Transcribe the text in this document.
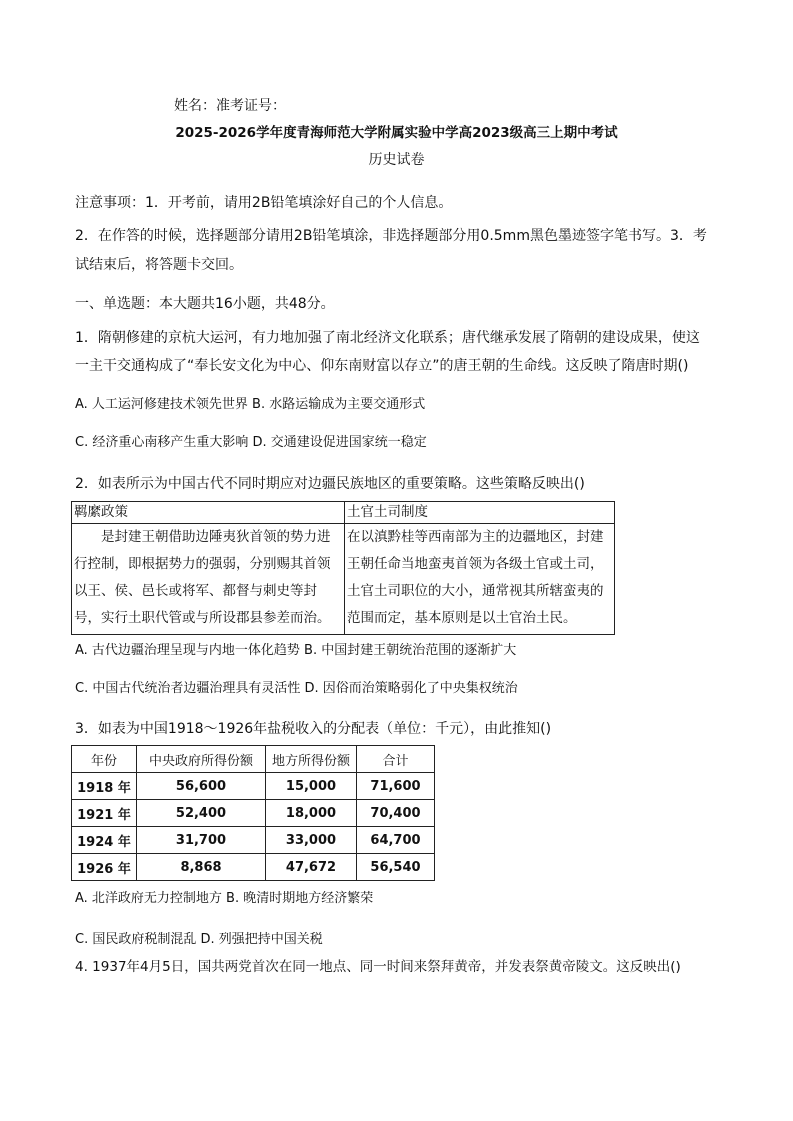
姓名：准考证号：
2025-2026学年度青海师范大学附属实验中学高2023级高三上期中考试
历史试卷
注意事项：1．开考前，请用2B铅笔填涂好自己的个人信息。
2．在作答的时候，选择题部分请用2B铅笔填涂，非选择题部分用0.5mm黑色墨迹签字笔书写。3．考
试结束后，将答题卡交回。
一、单选题：本大题共16小题，共48分。
1．隋朝修建的京杭大运河，有力地加强了南北经济文化联系；唐代继承发展了隋朝的建设成果，使这
一主干交通构成了“奉长安文化为中心、仰东南财富以存立”的唐王朝的生命线。这反映了隋唐时期()
A. 人工运河修建技术领先世界 B. 水路运输成为主要交通形式
C. 经济重心南移产生重大影响 D. 交通建设促进国家统一稳定
2．如表所示为中国古代不同时期应对边疆民族地区的重要策略。这些策略反映出()
羁縻政策	土官土司制度
　　是封建王朝借助边陲夷狄首领的势力进行控制，即根据势力的强弱，分别赐其首领以王、侯、邑长或将军、都督与刺史等封号，实行土职代管或与所设郡县参差而治。	在以滇黔桂等西南部为主的边疆地区，封建王朝任命当地蛮夷首领为各级土官或土司，土官土司职位的大小，通常视其所辖蛮夷的范围而定，基本原则是以土官治土民。
A. 古代边疆治理呈现与内地一体化趋势 B. 中国封建王朝统治范围的逐渐扩大
C. 中国古代统治者边疆治理具有灵活性 D. 因俗而治策略弱化了中央集权统治
3．如表为中国1918～1926年盐税收入的分配表（单位：千元），由此推知()
年份	中央政府所得份额	地方所得份额	合计
1918 年	56,600	15,000	71,600
1921 年	52,400	18,000	70,400
1924 年	31,700	33,000	64,700
1926 年	8,868	47,672	56,540
A. 北洋政府无力控制地方 B. 晚清时期地方经济繁荣
C. 国民政府税制混乱 D. 列强把持中国关税
4. 1937年4月5日，国共两党首次在同一地点、同一时间来祭拜黄帝，并发表祭黄帝陵文。这反映出()
